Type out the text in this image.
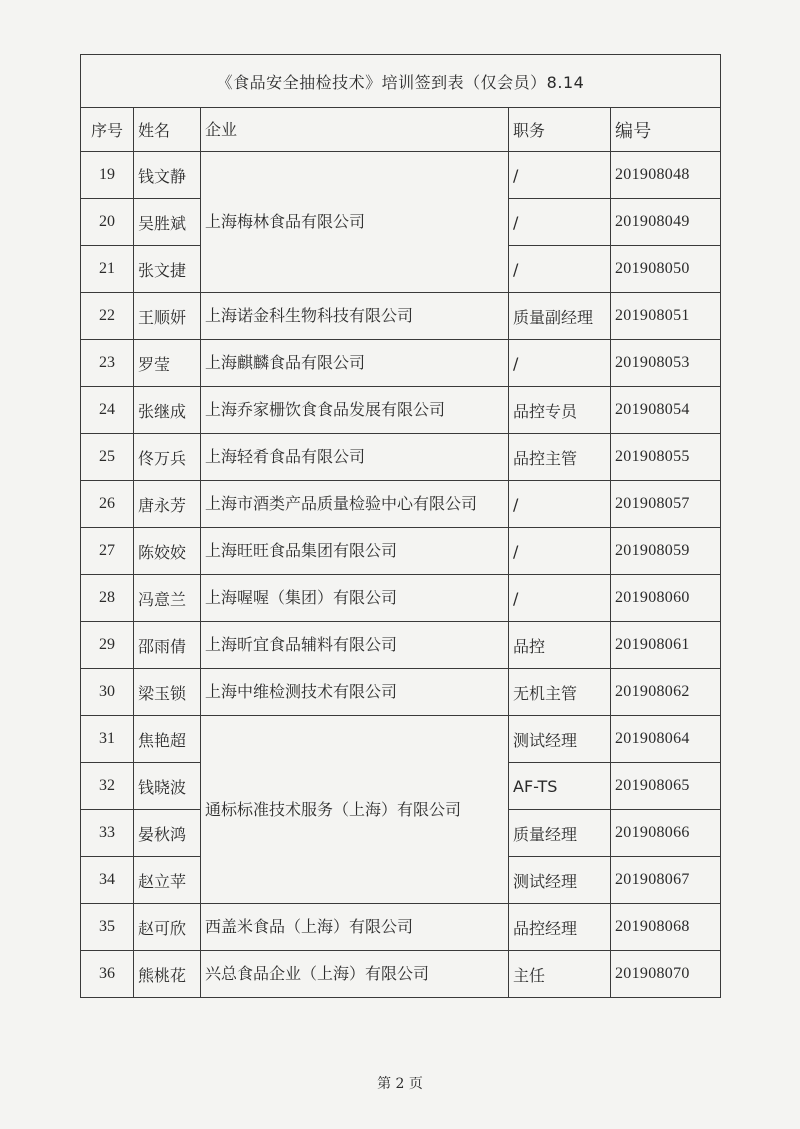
《食品安全抽检技术》培训签到表（仅会员）8.14				
序号	姓名	企业	职务	编号
19	钱文静	上海梅林食品有限公司	/	201908048
20	吴胜斌		/	201908049
21	张文捷		/	201908050
22	王顺妍	上海诺金科生物科技有限公司	质量副经理	201908051
23	罗莹	上海麒麟食品有限公司	/	201908053
24	张继成	上海乔家栅饮食食品发展有限公司	品控专员	201908054
25	佟万兵	上海轻肴食品有限公司	品控主管	201908055
26	唐永芳	上海市酒类产品质量检验中心有限公司	/	201908057
27	陈姣姣	上海旺旺食品集团有限公司	/	201908059
28	冯意兰	上海喔喔（集团）有限公司	/	201908060
29	邵雨倩	上海昕宜食品辅料有限公司	品控	201908061
30	梁玉锁	上海中维检测技术有限公司	无机主管	201908062
31	焦艳超	通标标准技术服务（上海）有限公司	测试经理	201908064
32	钱晓波		AF-TS	201908065
33	晏秋鸿		质量经理	201908066
34	赵立苹		测试经理	201908067
35	赵可欣	西盖米食品（上海）有限公司	品控经理	201908068
36	熊桃花	兴总食品企业（上海）有限公司	主任	201908070
第 2 页
